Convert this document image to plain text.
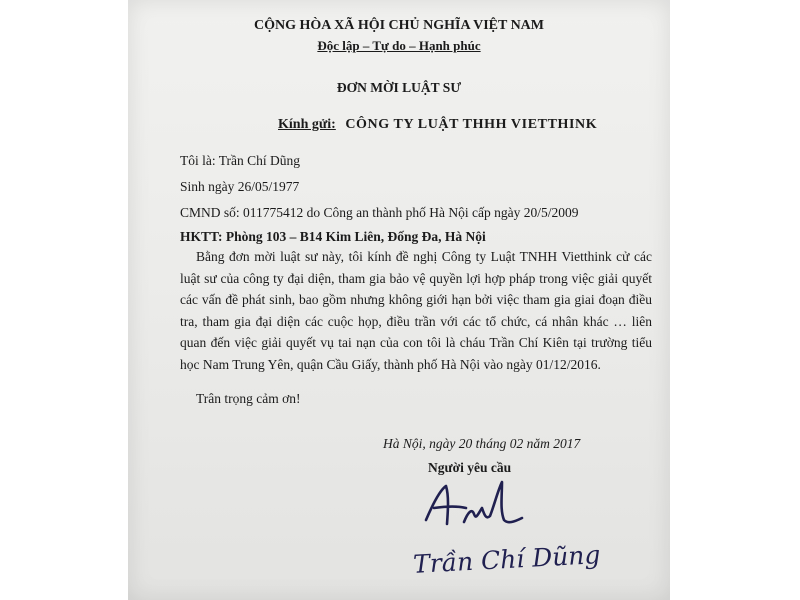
CỘNG HÒA XÃ HỘI CHỦ NGHĨA VIỆT NAM
Độc lập – Tự do – Hạnh phúc
ĐƠN MỜI LUẬT SƯ
Kính gửi: CÔNG TY LUẬT THHH VIETTHINK
Tôi là: Trần Chí Dũng
Sinh ngày 26/05/1977
CMND số: 011775412 do Công an thành phố Hà Nội cấp ngày 20/5/2009
HKTT: Phòng 103 – B14 Kim Liên, Đống Đa, Hà Nội
Bằng đơn mời luật sư này, tôi kính đề nghị Công ty Luật TNHH Vietthink cử các luật sư của công ty đại diện, tham gia bảo vệ quyền lợi hợp pháp trong việc giải quyết các vấn đề phát sinh, bao gồm nhưng không giới hạn bởi việc tham gia giai đoạn điều tra, tham gia đại diện các cuộc họp, điều trần với các tổ chức, cá nhân khác … liên quan đến việc giải quyết vụ tai nạn của con tôi là cháu Trần Chí Kiên tại trường tiểu học Nam Trung Yên, quận Cầu Giấy, thành phố Hà Nội vào ngày 01/12/2016.
Trân trọng cảm ơn!
Hà Nội, ngày 20 tháng 02 năm 2017
Người yêu cầu
Trần Chí Dũng
